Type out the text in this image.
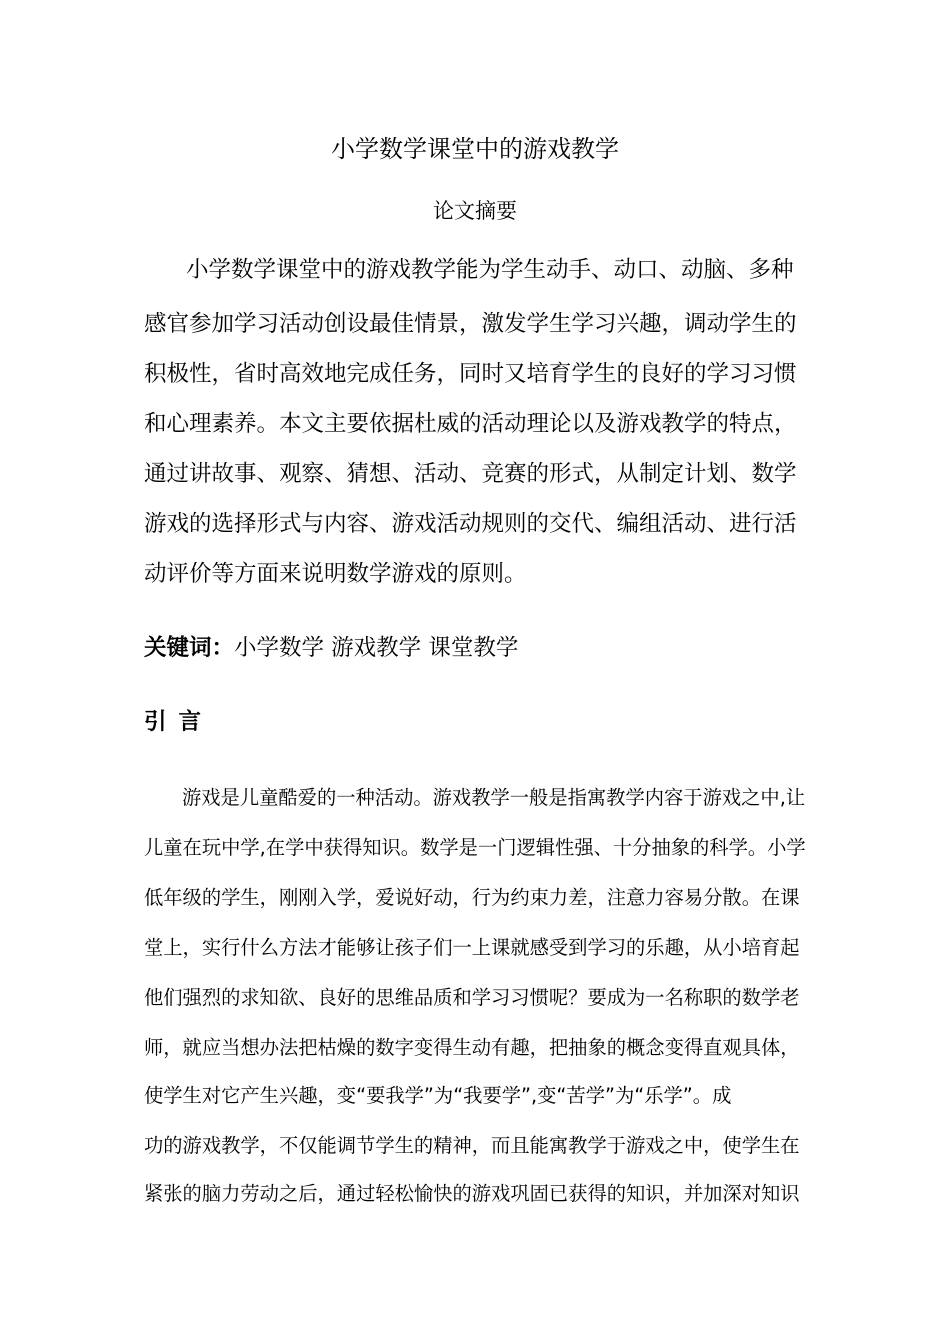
小学数学课堂中的游戏教学
论文摘要
小学数学课堂中的游戏教学能为学生动手、动口、动脑、多种
感官参加学习活动创设最佳情景，激发学生学习兴趣，调动学生的
积极性，省时高效地完成任务，同时又培育学生的良好的学习习惯
和心理素养。本文主要依据杜威的活动理论以及游戏教学的特点，
通过讲故事、观察、猜想、活动、竞赛的形式，从制定计划、数学
游戏的选择形式与内容、游戏活动规则的交代、编组活动、进行活
动评价等方面来说明数学游戏的原则。
关键词：小学数学 游戏教学 课堂教学
引言
游戏是儿童酷爱的一种活动。游戏教学一般是指寓教学内容于游戏之中,让
儿童在玩中学,在学中获得知识。数学是一门逻辑性强、十分抽象的科学。小学
低年级的学生，刚刚入学，爱说好动，行为约束力差，注意力容易分散。在课
堂上，实行什么方法才能够让孩子们一上课就感受到学习的乐趣，从小培育起
他们强烈的求知欲、良好的思维品质和学习习惯呢？要成为一名称职的数学老
师，就应当想办法把枯燥的数字变得生动有趣，把抽象的概念变得直观具体，
使学生对它产生兴趣，变“要我学”为“我要学”,变“苦学”为“乐学”。成
功的游戏教学，不仅能调节学生的精神，而且能寓教学于游戏之中，使学生在
紧张的脑力劳动之后，通过轻松愉快的游戏巩固已获得的知识，并加深对知识
